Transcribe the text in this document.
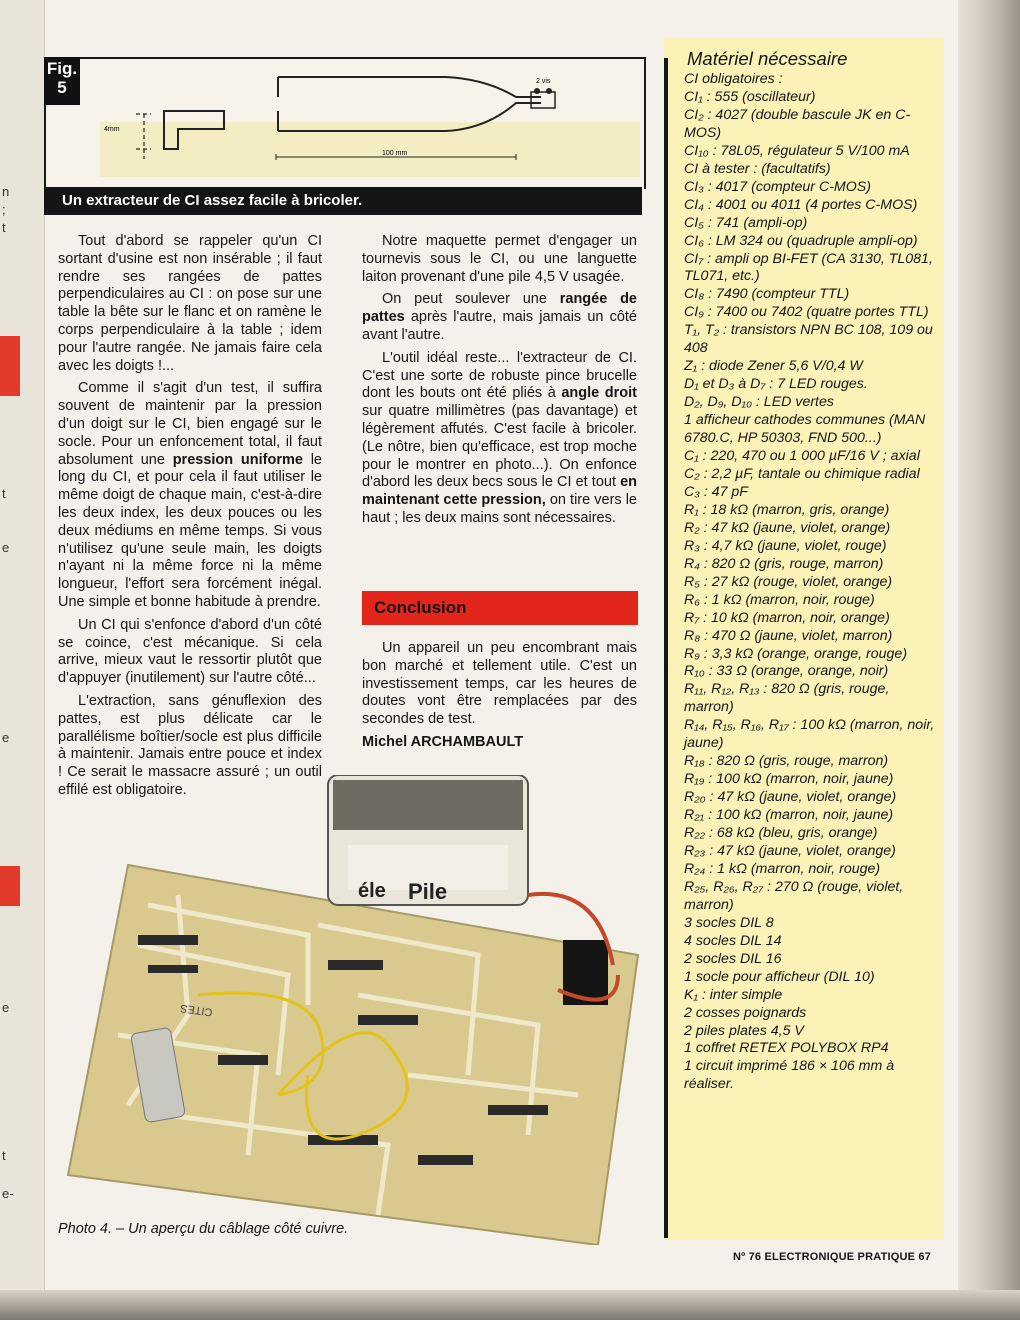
n
;
t
t
e
e
e
t
e-
4mm
100 mm
2 vis
Fig.
5
Un extracteur de CI assez facile à bricoler.

Tout d'abord se rappeler qu'un CI sortant d'usine est non insérable ; il faut rendre ses rangées de pattes perpendiculaires au CI : on pose sur une table la bête sur le flanc et on ramène le corps perpendiculaire à la table ; idem pour l'autre rangée. Ne jamais faire cela avec les doigts !...

Comme il s'agit d'un test, il suffira souvent de maintenir par la pression d'un doigt sur le CI, bien engagé sur le socle. Pour un enfoncement total, il faut absolument une pression uniforme le long du CI, et pour cela il faut utiliser le même doigt de chaque main, c'est-à-dire les deux index, les deux pouces ou les deux médiums en même temps. Si vous n'utilisez qu'une seule main, les doigts n'ayant ni la même force ni la même longueur, l'effort sera forcément inégal. Une simple et bonne habitude à prendre.

Un CI qui s'enfonce d'abord d'un côté se coince, c'est mécanique. Si cela arrive, mieux vaut le ressortir plutôt que d'appuyer (inutilement) sur l'autre côté...

L'extraction, sans génuflexion des pattes, est plus délicate car le parallélisme boîtier/socle est plus difficile à maintenir. Jamais entre pouce et index ! Ce serait le massacre assuré ; un outil effilé est obligatoire.

Notre maquette permet d'engager un tournevis sous le CI, ou une languette laiton provenant d'une pile 4,5 V usagée.

On peut soulever une rangée de pattes après l'autre, mais jamais un côté avant l'autre.

L'outil idéal reste... l'extracteur de CI. C'est une sorte de robuste pince brucelle dont les bouts ont été pliés à angle droit sur quatre millimètres (pas davantage) et légèrement affutés. C'est facile à bricoler. (Le nôtre, bien qu'efficace, est trop moche pour le montrer en photo...). On enfonce d'abord les deux becs sous le CI et tout en maintenant cette pression, on tire vers le haut ; les deux mains sont nécessaires.

Conclusion

Un appareil un peu encombrant mais bon marché et tellement utile. C'est un investissement temps, car les heures de doutes vont être remplacées par des secondes de test.

Michel ARCHAMBAULT

Pile
éle
CITES
Photo 4. – Un aperçu du câblage côté cuivre.
Matériel nécessaire
CI obligatoires :
CI₁ : 555 (oscillateur)
CI₂ : 4027 (double bascule JK en C-MOS)
CI₁₀ : 78L05, régulateur 5 V/100 mA
CI à tester : (facultatifs)
CI₃ : 4017 (compteur C-MOS)
CI₄ : 4001 ou 4011 (4 portes C-MOS)
CI₅ : 741 (ampli-op)
CI₆ : LM 324 ou (quadruple ampli-op)
CI₇ : ampli op BI-FET (CA 3130, TL081, TL071, etc.)
CI₈ : 7490 (compteur TTL)
CI₉ : 7400 ou 7402 (quatre portes TTL)
T₁, T₂ : transistors NPN BC 108, 109 ou 408
Z₁ : diode Zener 5,6 V/0,4 W
D₁ et D₃ à D₇ : 7 LED rouges.
D₂, D₉, D₁₀ : LED vertes
1 afficheur cathodes communes (MAN 6780.C, HP 50303, FND 500...)
C₁ : 220, 470 ou 1 000 µF/16 V ; axial
C₂ : 2,2 µF, tantale ou chimique radial
C₃ : 47 pF
R₁ : 18 kΩ (marron, gris, orange)
R₂ : 47 kΩ (jaune, violet, orange)
R₃ : 4,7 kΩ (jaune, violet, rouge)
R₄ : 820 Ω (gris, rouge, marron)
R₅ : 27 kΩ (rouge, violet, orange)
R₆ : 1 kΩ (marron, noir, rouge)
R₇ : 10 kΩ (marron, noir, orange)
R₈ : 470 Ω (jaune, violet, marron)
R₉ : 3,3 kΩ (orange, orange, rouge)
R₁₀ : 33 Ω (orange, orange, noir)
R₁₁, R₁₂, R₁₃ : 820 Ω (gris, rouge, marron)
R₁₄, R₁₅, R₁₆, R₁₇ : 100 kΩ (marron, noir, jaune)
R₁₈ : 820 Ω (gris, rouge, marron)
R₁₉ : 100 kΩ (marron, noir, jaune)
R₂₀ : 47 kΩ (jaune, violet, orange)
R₂₁ : 100 kΩ (marron, noir, jaune)
R₂₂ : 68 kΩ (bleu, gris, orange)
R₂₃ : 47 kΩ (jaune, violet, orange)
R₂₄ : 1 kΩ (marron, noir, rouge)
R₂₅, R₂₆, R₂₇ : 270 Ω (rouge, violet, marron)
3 socles DIL 8
4 socles DIL 14
2 socles DIL 16
1 socle pour afficheur (DIL 10)
K₁ : inter simple
2 cosses poignards
2 piles plates 4,5 V
1 coffret RETEX POLYBOX RP4
1 circuit imprimé 186 × 106 mm à réaliser.
Nº 76 ELECTRONIQUE PRATIQUE 67
